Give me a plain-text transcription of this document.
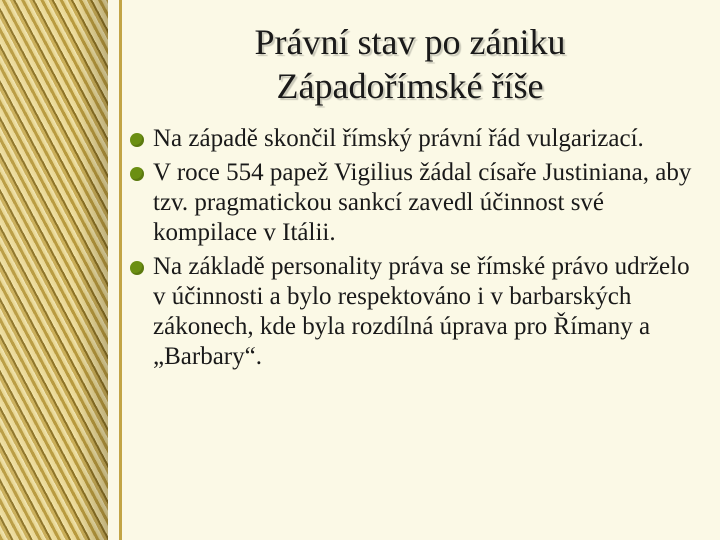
Právní stav po zániku
Západořímské říše
Na západě skončil římský právní řád vulgarizací.
V roce 554 papež Vigilius žádal císaře Justiniana, aby tzv. pragmatickou sankcí zavedl účinnost své kompilace v Itálii.
Na základě personality práva se římské právo udrželo v účinnosti a bylo respektováno i v barbarských zákonech, kde byla rozdílná úprava pro Římany a „Barbary“.
